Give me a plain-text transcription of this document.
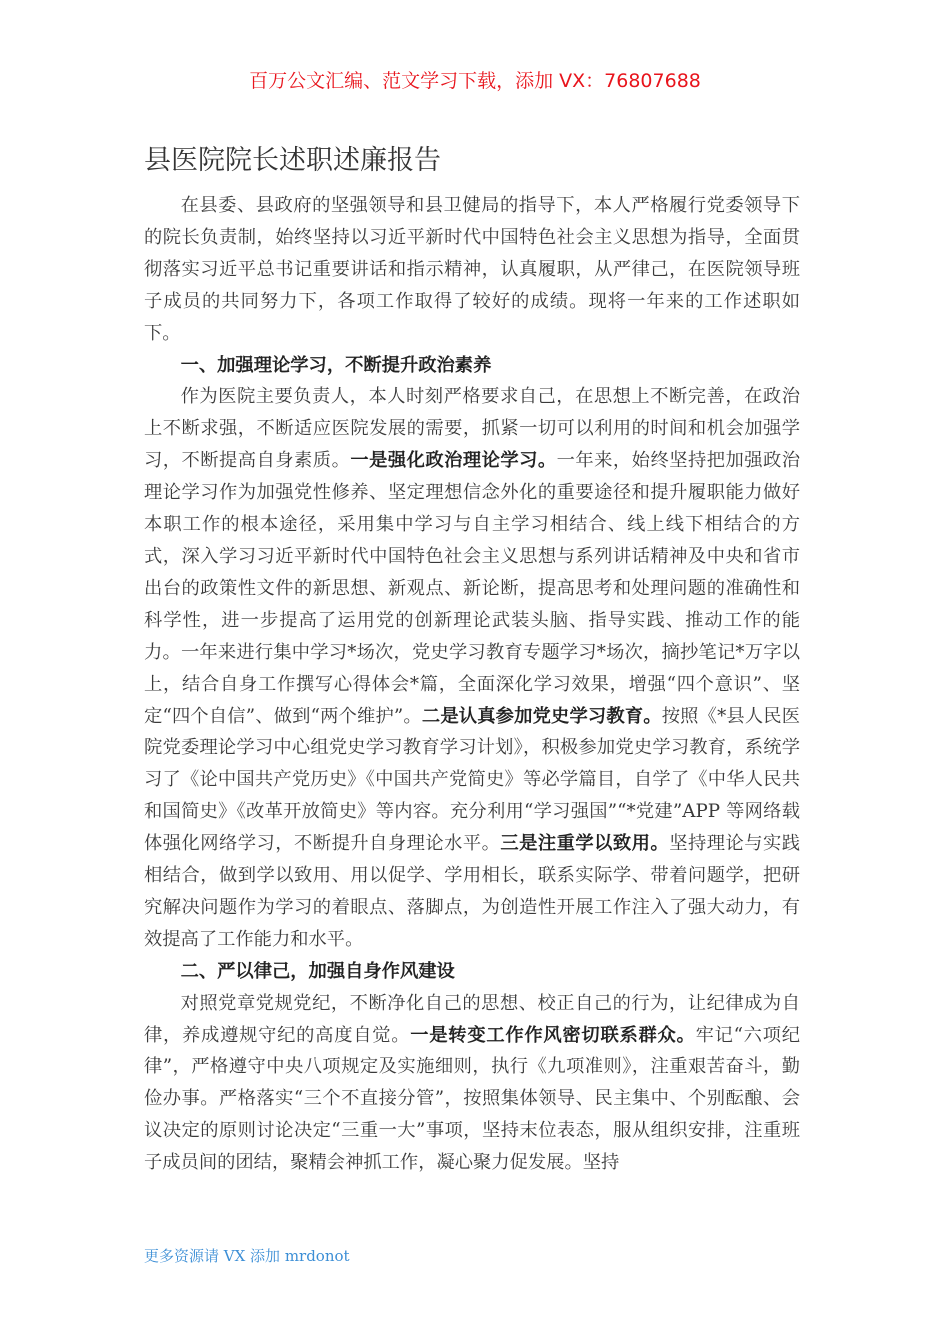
百万公文汇编、范文学习下载，添加 VX：76807688
县医院院长述职述廉报告

在县委、县政府的坚强领导和县卫健局的指导下，本人严格履行党委领导下的院长负责制，始终坚持以习近平新时代中国特色社会主义思想为指导，全面贯彻落实习近平总书记重要讲话和指示精神，认真履职，从严律己，在医院领导班子成员的共同努力下，各项工作取得了较好的成绩。现将一年来的工作述职如下。

一、加强理论学习，不断提升政治素养

作为医院主要负责人，本人时刻严格要求自己，在思想上不断完善，在政治上不断求强，不断适应医院发展的需要，抓紧一切可以利用的时间和机会加强学习，不断提高自身素质。一是强化政治理论学习。一年来，始终坚持把加强政治理论学习作为加强党性修养、坚定理想信念外化的重要途径和提升履职能力做好本职工作的根本途径，采用集中学习与自主学习相结合、线上线下相结合的方式，深入学习习近平新时代中国特色社会主义思想与系列讲话精神及中央和省市出台的政策性文件的新思想、新观点、新论断，提高思考和处理问题的准确性和科学性，进一步提高了运用党的创新理论武装头脑、指导实践、推动工作的能力。一年来进行集中学习*场次，党史学习教育专题学习*场次，摘抄笔记*万字以上，结合自身工作撰写心得体会*篇，全面深化学习效果，增强“四个意识”、坚定“四个自信”、做到“两个维护”。二是认真参加党史学习教育。按照《*县人民医院党委理论学习中心组党史学习教育学习计划》，积极参加党史学习教育，系统学习了《论中国共产党历史》《中国共产党简史》等必学篇目，自学了《中华人民共和国简史》《改革开放简史》等内容。充分利用“学习强国”“*党建”APP 等网络载体强化网络学习，不断提升自身理论水平。三是注重学以致用。坚持理论与实践相结合，做到学以致用、用以促学、学用相长，联系实际学、带着问题学，把研究解决问题作为学习的着眼点、落脚点，为创造性开展工作注入了强大动力，有效提高了工作能力和水平。

二、严以律己，加强自身作风建设

对照党章党规党纪，不断净化自己的思想、校正自己的行为，让纪律成为自律，养成遵规守纪的高度自觉。一是转变工作作风密切联系群众。牢记“六项纪律”，严格遵守中央八项规定及实施细则，执行《九项准则》，注重艰苦奋斗，勤俭办事。严格落实“三个不直接分管”，按照集体领导、民主集中、个别酝酿、会议决定的原则讨论决定“三重一大”事项，坚持末位表态，服从组织安排，注重班子成员间的团结，聚精会神抓工作，凝心聚力促发展。坚持

更多资源请 VX 添加 mrdonot
